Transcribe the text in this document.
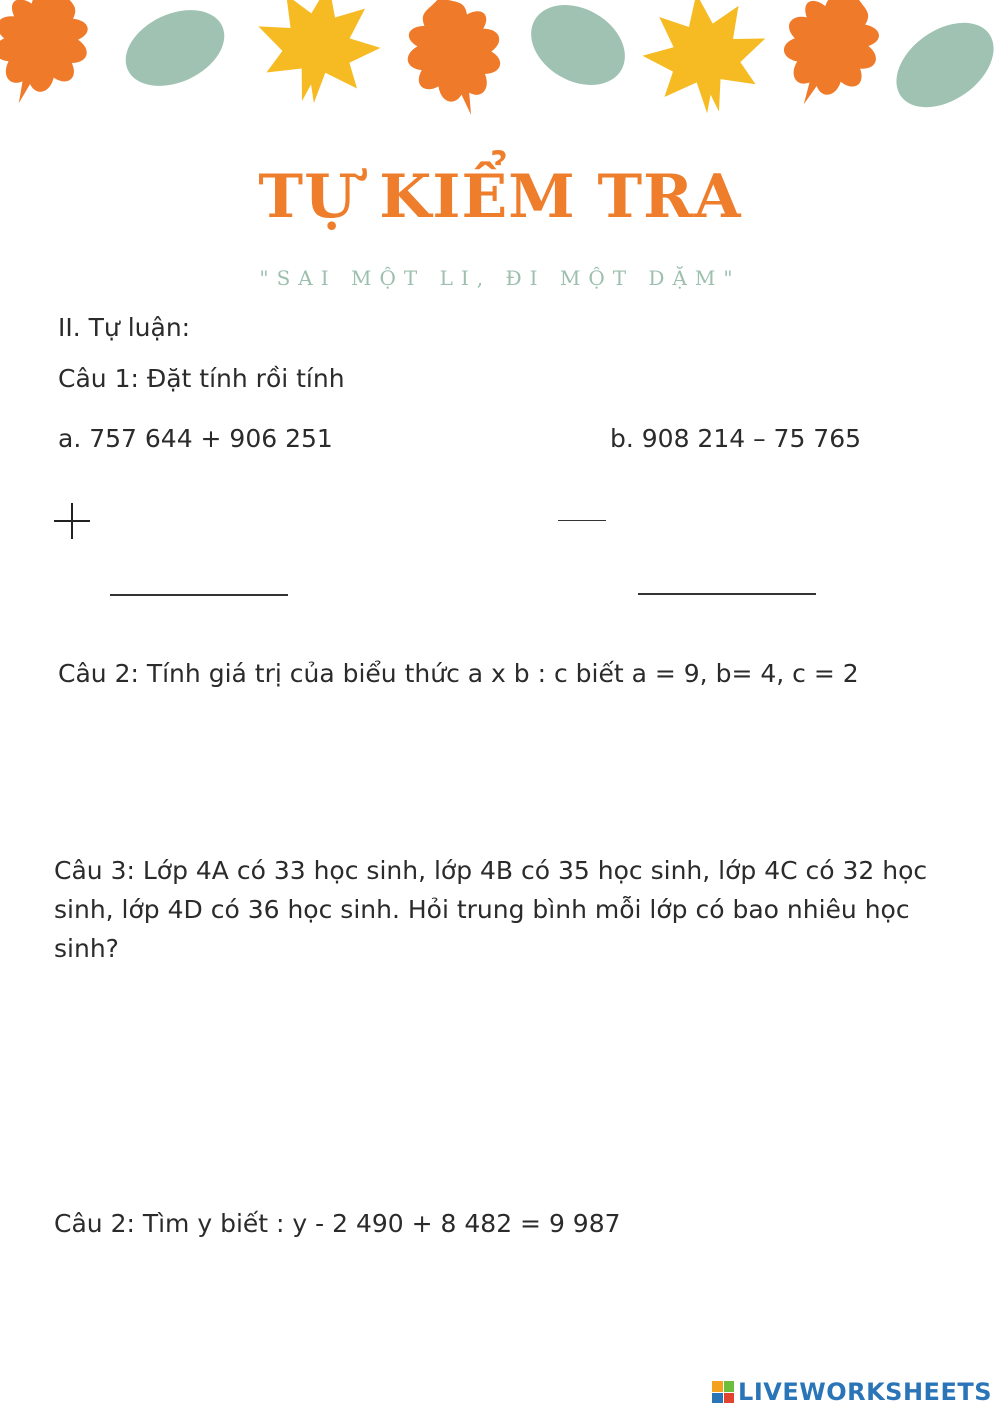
TỰ KIỂM TRA
"SAI MỘT LI, ĐI MỘT DẶM"
II. Tự luận:
Câu 1: Đặt tính rồi tính
a. 757 644 + 906 251	b. 908 214 – 75 765
Câu 2: Tính giá trị của biểu thức a x b : c biết a = 9, b= 4, c = 2
Câu 3: Lớp 4A có 33 học sinh, lớp 4B có 35 học sinh, lớp 4C có 32 học sinh, lớp 4D có 36 học sinh. Hỏi trung bình mỗi lớp có bao nhiêu học sinh?
Câu 2: Tìm y biết : y - 2 490 + 8 482 = 9 987
LIVEWORKSHEETS
